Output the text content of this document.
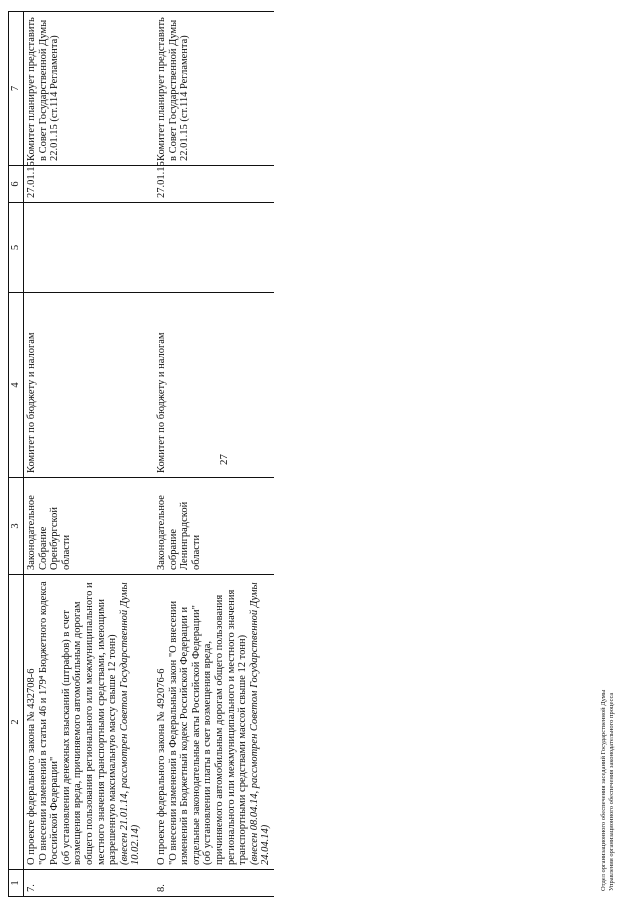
27
1	2	3	4	5	6	7
7.	О проекте федерального закона № 432708-6 "О внесении изменений в статьи 46 и 179⁴ Бюджетного кодекса Российской Федерации"
(об установлении денежных взысканий (штрафов) в счет возмещения вреда, причиняемого автомобильным дорогам общего пользования регионального или межмуниципального и местного значения транспортными средствами, имеющими разрешенную максимальную массу свыше 12 тонн) (внесен 21.01.14, рассмотрен Советом Государственной Думы 10.02.14)	Законодательное Собрание Оренбургской области	Комитет по бюджету и налогам		27.01.15	Комитет планирует представить в Совет Государственной Думы 22.01.15 (ст.114 Регламента)
8.	О проекте федерального закона № 492076-6 "О внесении изменений в Федеральный закон "О внесении изменений в Бюджетный кодекс Российской Федерации и отдельные законодательные акты Российской Федерации"
(об установлении платы в счет возмещения вреда, причиняемого автомобильным дорогам общего пользования регионального или межмуниципального и местного значения транспортными средствами массой свыше 12 тонн) (внесен 08.04.14, рассмотрен Советом Государственной Думы 24.04.14)	Законодательное собрание Ленинградской области	Комитет по бюджету и налогам		27.01.15	Комитет планирует представить в Совет Государственной Думы 22.01.15 (ст.114 Регламента)
Отдел организационного обеспечения заседаний Государственной Думы Управления организационного обеспечения законодательного процесса
